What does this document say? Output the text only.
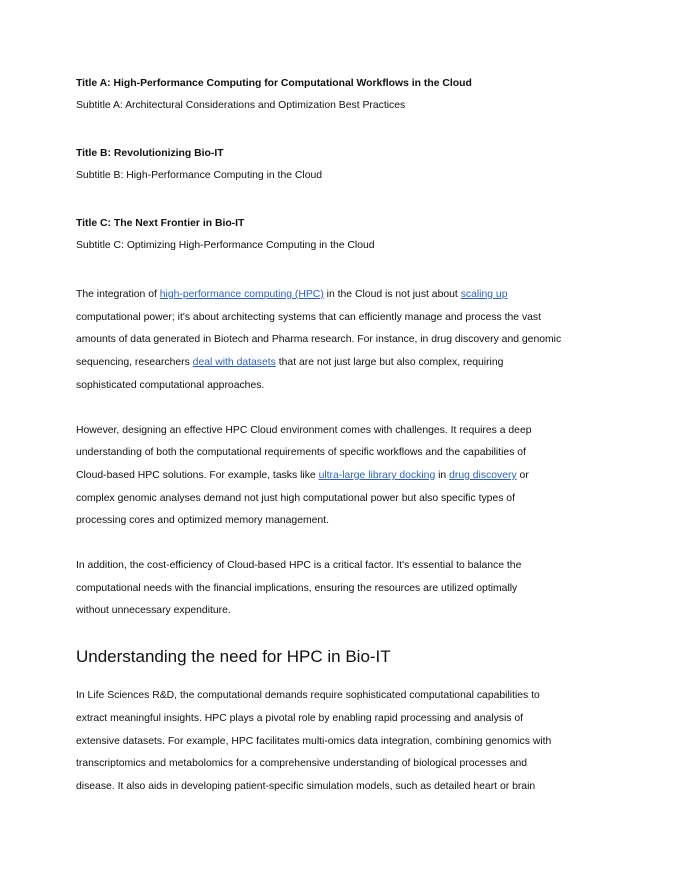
Title A: High-Performance Computing for Computational Workflows in the Cloud

Subtitle A: Architectural Considerations and Optimization Best Practices

Title B: Revolutionizing Bio-IT

Subtitle B: High-Performance Computing in the Cloud

Title C: The Next Frontier in Bio-IT

Subtitle C: Optimizing High-Performance Computing in the Cloud

The integration of high-performance computing (HPC) in the Cloud is not just about scaling up
computational power; it's about architecting systems that can efficiently manage and process the vast
amounts of data generated in Biotech and Pharma research. For instance, in drug discovery and genomic
sequencing, researchers deal with datasets that are not just large but also complex, requiring
sophisticated computational approaches.

However, designing an effective HPC Cloud environment comes with challenges. It requires a deep
understanding of both the computational requirements of specific workflows and the capabilities of
Cloud-based HPC solutions. For example, tasks like ultra-large library docking in drug discovery or
complex genomic analyses demand not just high computational power but also specific types of
processing cores and optimized memory management.

In addition, the cost-efficiency of Cloud-based HPC is a critical factor. It's essential to balance the
computational needs with the financial implications, ensuring the resources are utilized optimally
without unnecessary expenditure.

Understanding the need for HPC in Bio-IT

In Life Sciences R&D, the computational demands require sophisticated computational capabilities to
extract meaningful insights. HPC plays a pivotal role by enabling rapid processing and analysis of
extensive datasets. For example, HPC facilitates multi-omics data integration, combining genomics with
transcriptomics and metabolomics for a comprehensive understanding of biological processes and
disease. It also aids in developing patient-specific simulation models, such as detailed heart or brain
